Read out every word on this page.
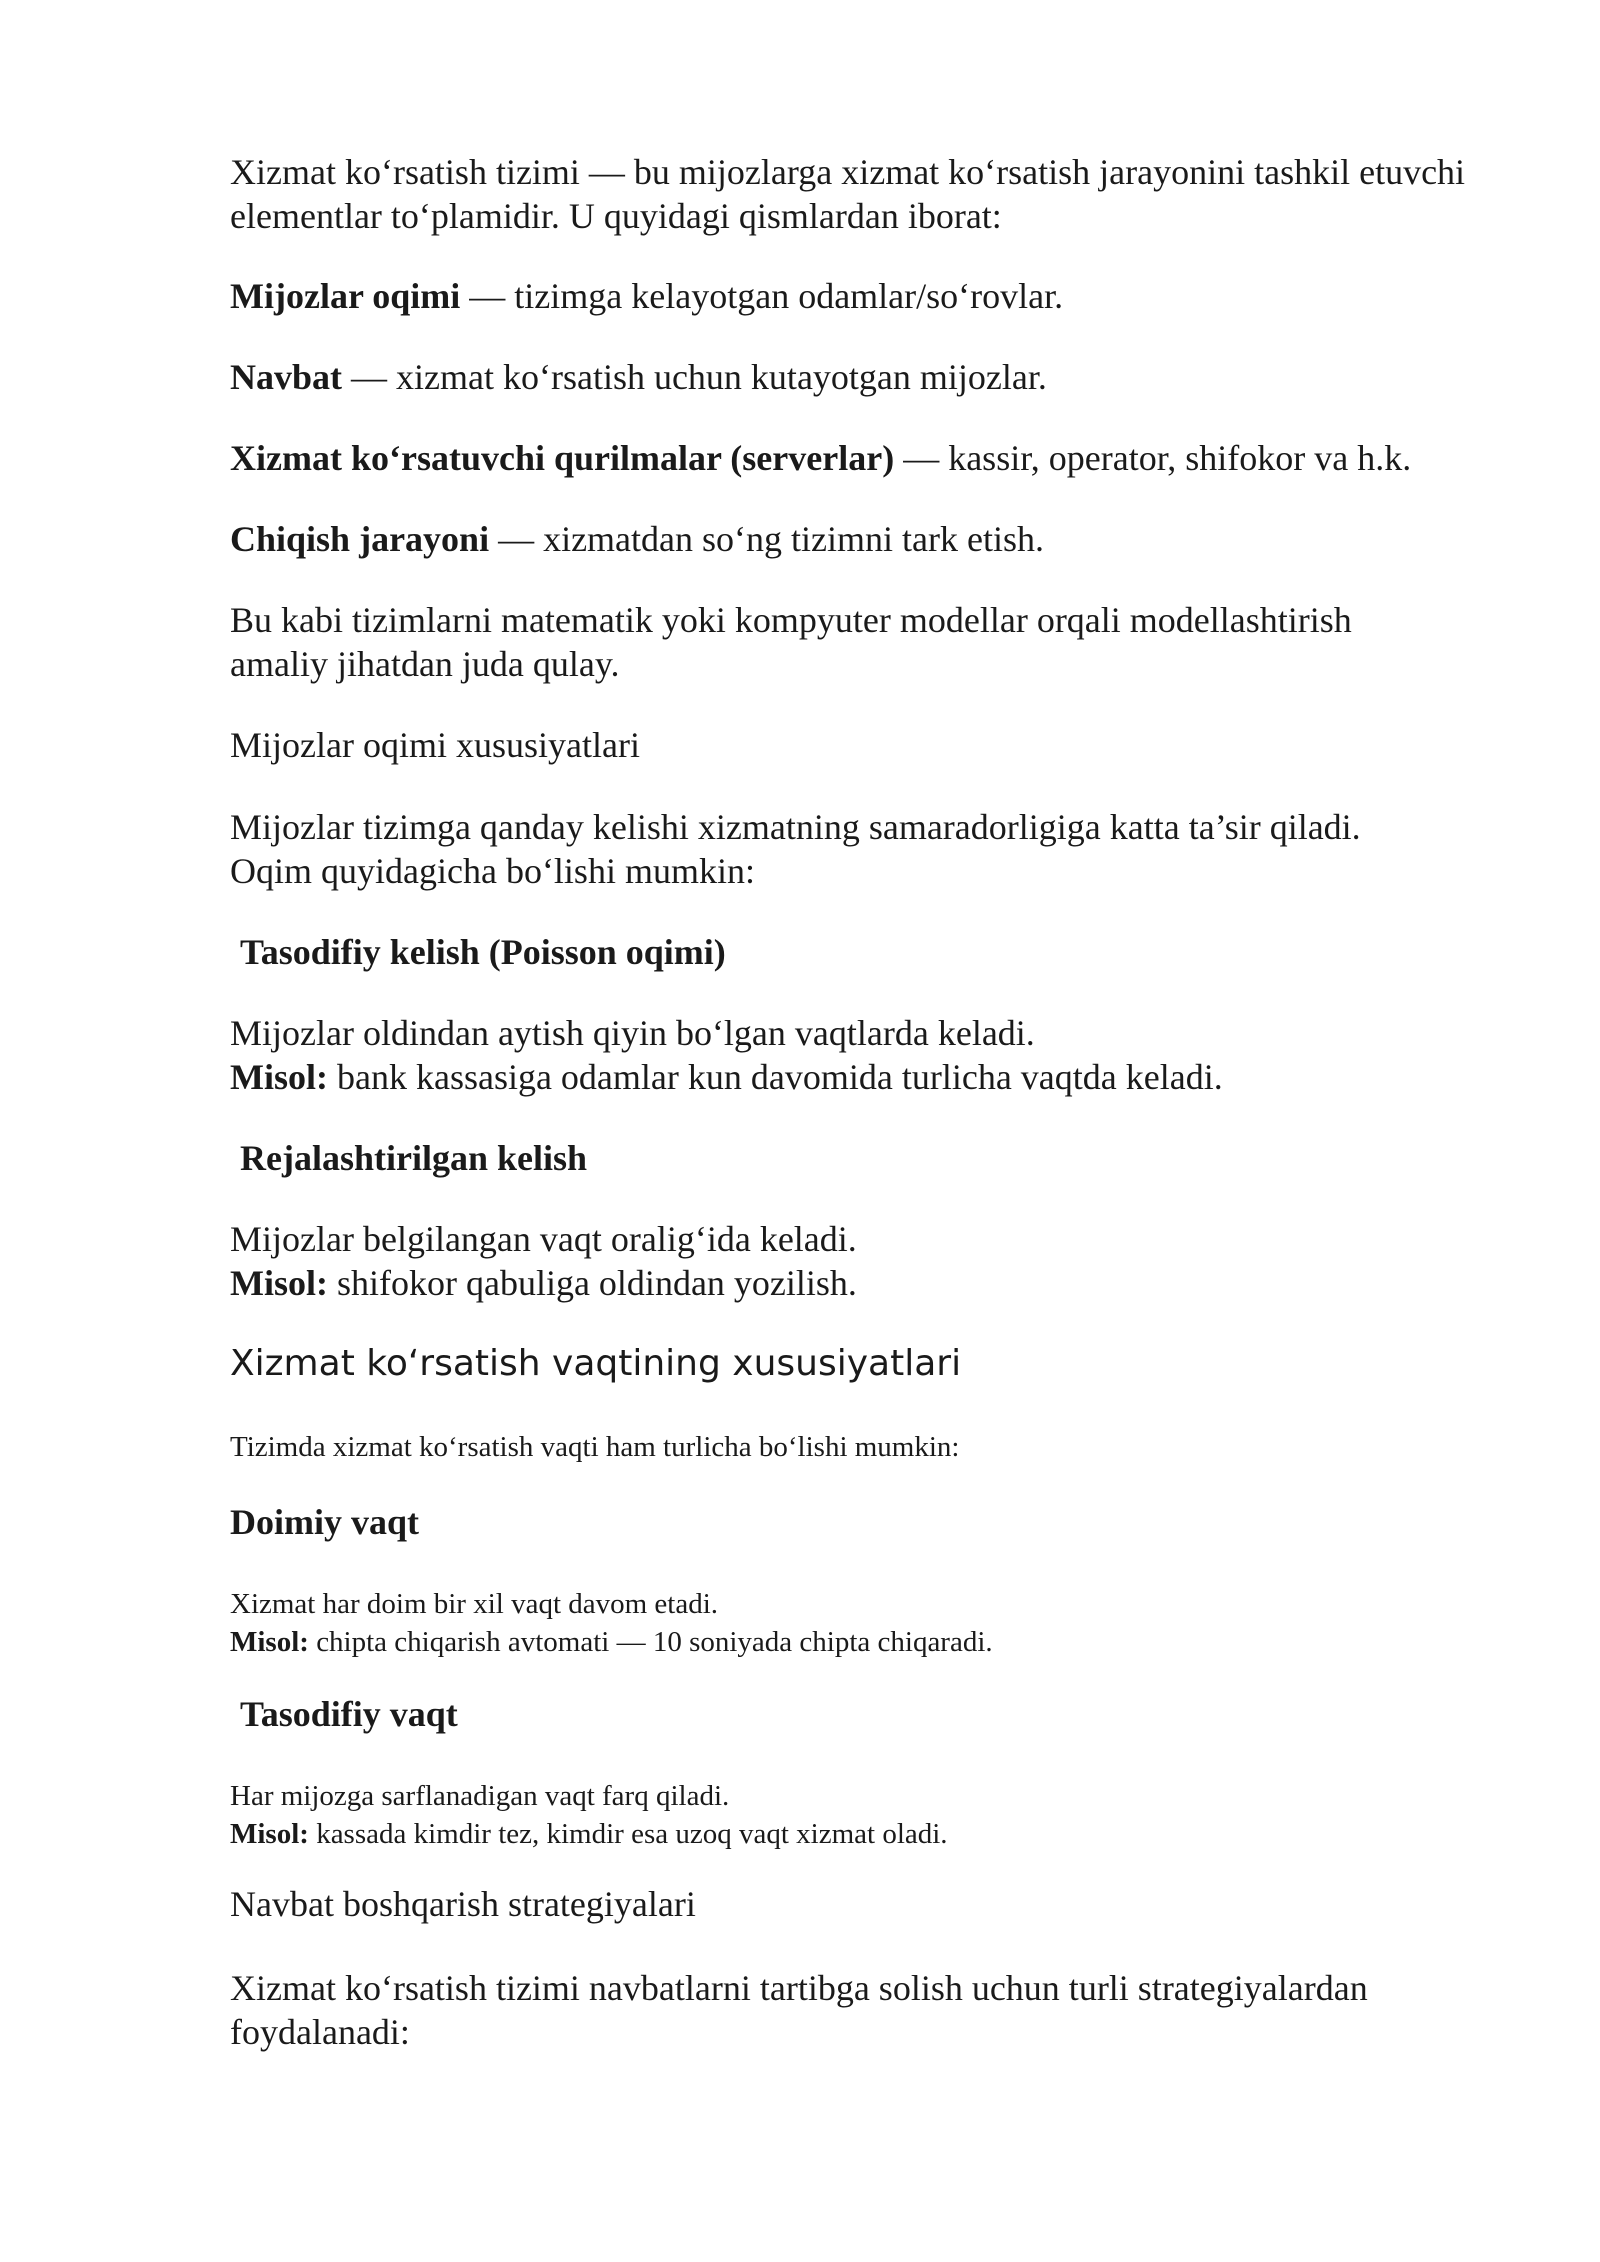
Xizmat ko‘rsatish tizimi — bu mijozlarga xizmat ko‘rsatish jarayonini tashkil etuvchi elementlar to‘plamidir. U quyidagi qismlardan iborat:

Mijozlar oqimi — tizimga kelayotgan odamlar/so‘rovlar.

Navbat — xizmat ko‘rsatish uchun kutayotgan mijozlar.

Xizmat ko‘rsatuvchi qurilmalar (serverlar) — kassir, operator, shifokor va h.k.

Chiqish jarayoni — xizmatdan so‘ng tizimni tark etish.

Bu kabi tizimlarni matematik yoki kompyuter modellar orqali modellashtirish

amaliy jihatdan juda qulay.

Mijozlar oqimi xususiyatlari

Mijozlar tizimga qanday kelishi xizmatning samaradorligiga katta ta’sir qiladi.

Oqim quyidagicha bo‘lishi mumkin:

Tasodifiy kelish (Poisson oqimi)

Mijozlar oldindan aytish qiyin bo‘lgan vaqtlarda keladi.

Misol: bank kassasiga odamlar kun davomida turlicha vaqtda keladi.

Rejalashtirilgan kelish

Mijozlar belgilangan vaqt oralig‘ida keladi.

Misol: shifokor qabuliga oldindan yozilish.

Xizmat ko‘rsatish vaqtining xususiyatlari

Tizimda xizmat ko‘rsatish vaqti ham turlicha bo‘lishi mumkin:

Doimiy vaqt

Xizmat har doim bir xil vaqt davom etadi.

Misol: chipta chiqarish avtomati — 10 soniyada chipta chiqaradi.

Tasodifiy vaqt

Har mijozga sarflanadigan vaqt farq qiladi.

Misol: kassada kimdir tez, kimdir esa uzoq vaqt xizmat oladi.

Navbat boshqarish strategiyalari

Xizmat ko‘rsatish tizimi navbatlarni tartibga solish uchun turli strategiyalardan

foydalanadi:
